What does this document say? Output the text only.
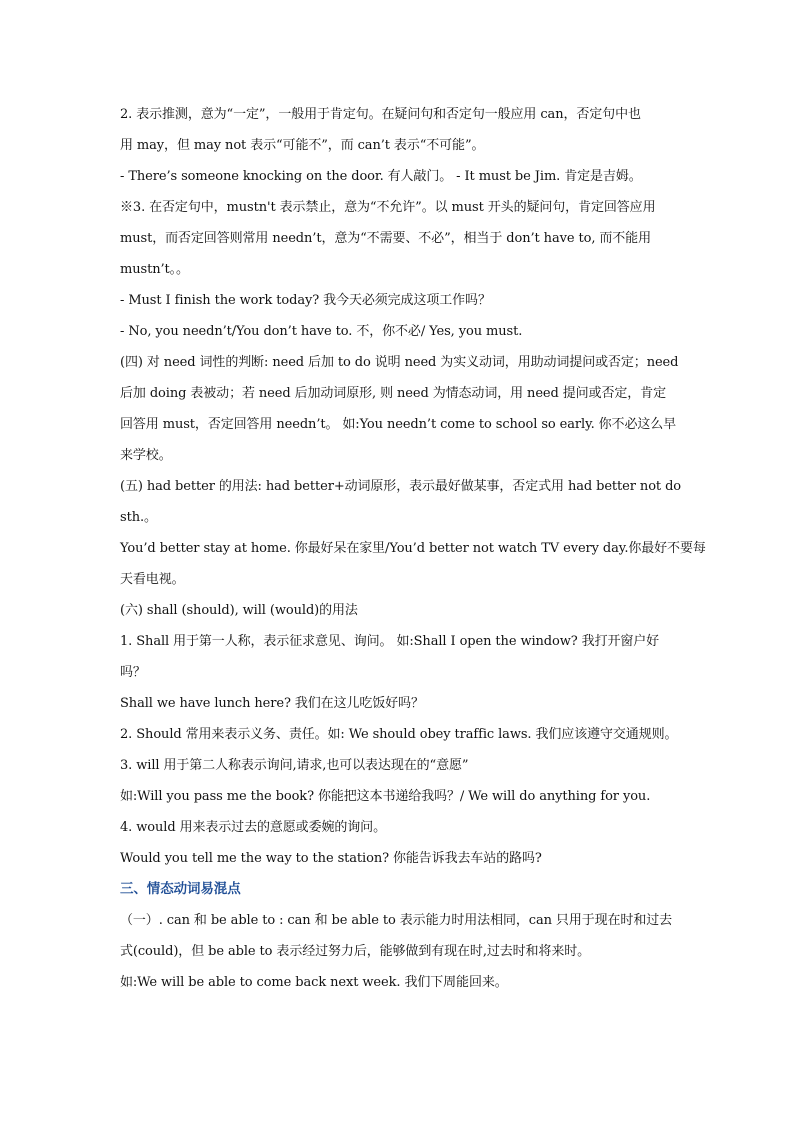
2. 表示推测，意为“一定”，一般用于肯定句。在疑问句和否定句一般应用 can，否定句中也
用 may，但 may not 表示“可能不”，而 can’t 表示“不可能”。
- There’s someone knocking on the door. 有人敲门。 - It must be Jim. 肯定是吉姆。
※3. 在否定句中，mustn't 表示禁止，意为“不允许”。以 must 开头的疑问句，肯定回答应用
must，而否定回答则常用 needn’t，意为“不需要、不必”，相当于 don’t have to, 而不能用
mustn’t。。
- Must I finish the work today? 我今天必须完成这项工作吗？
- No, you needn’t/You don’t have to. 不，你不必/ Yes, you must.
(四) 对 need 词性的判断: need 后加 to do 说明 need 为实义动词，用助动词提问或否定；need
后加 doing 表被动；若 need 后加动词原形, 则 need 为情态动词，用 need 提问或否定，肯定
回答用 must，否定回答用 needn’t。 如:You needn’t come to school so early. 你不必这么早
来学校。
(五) had better 的用法: had better+动词原形，表示最好做某事，否定式用 had better not do
sth.。
You’d better stay at home. 你最好呆在家里/You’d better not watch TV every day.你最好不要每
天看电视。
(六) shall (should), will (would)的用法
1. Shall 用于第一人称，表示征求意见、询问。 如:Shall I open the window? 我打开窗户好
吗？
Shall we have lunch here? 我们在这儿吃饭好吗？
2. Should 常用来表示义务、责任。如: We should obey traffic laws. 我们应该遵守交通规则。
3. will 用于第二人称表示询问,请求,也可以表达现在的“意愿”
如:Will you pass me the book? 你能把这本书递给我吗？/ We will do anything for you.
4. would 用来表示过去的意愿或委婉的询问。
Would you tell me the way to the station? 你能告诉我去车站的路吗?
三、情态动词易混点
（一）. can 和 be able to : can 和 be able to 表示能力时用法相同，can 只用于现在时和过去
式(could)，但 be able to 表示经过努力后，能够做到有现在时,过去时和将来时。
如:We will be able to come back next week. 我们下周能回来。
